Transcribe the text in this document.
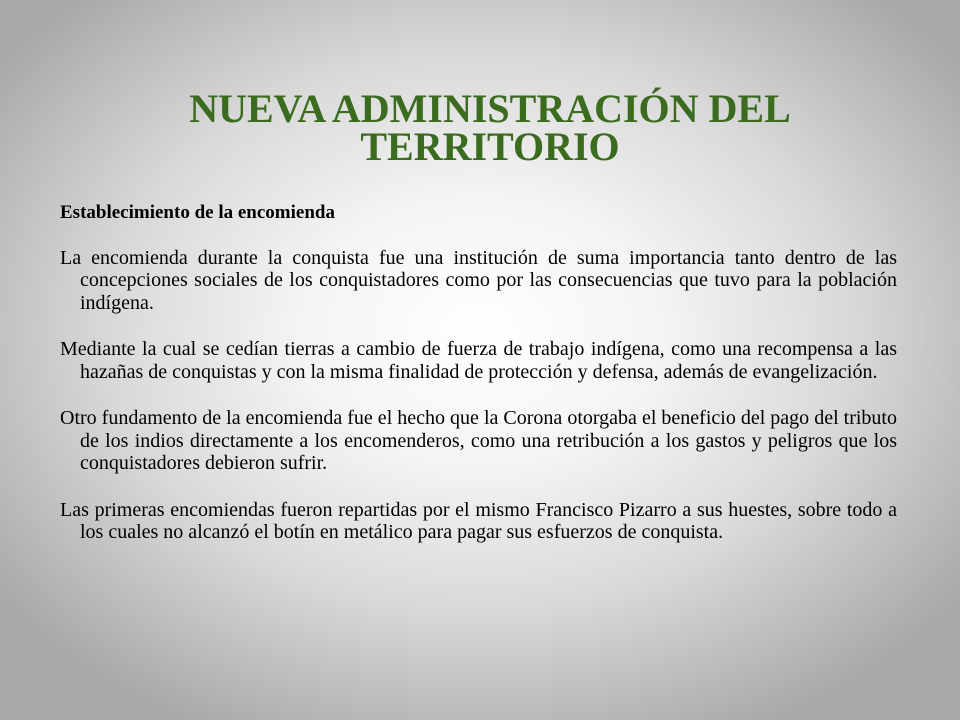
NUEVA ADMINISTRACIÓN DEL
TERRITORIO

Establecimiento de la encomienda

La encomienda durante la conquista fue una institución de suma importancia tanto dentro de las concepciones sociales de los conquistadores como por las consecuencias que tuvo para la población indígena.

Mediante la cual se cedían tierras a cambio de fuerza de trabajo indígena, como una recompensa a las hazañas de conquistas y con la misma finalidad de protección y defensa, además de evangelización.

Otro fundamento de la encomienda fue el hecho que la Corona otorgaba el beneficio del pago del tributo de los indios directamente a los encomenderos, como una retribución a los gastos y peligros que los conquistadores debieron sufrir.

Las primeras encomiendas fueron repartidas por el mismo Francisco Pizarro a sus huestes, sobre todo a los cuales no alcanzó el botín en metálico para pagar sus esfuerzos de conquista.
